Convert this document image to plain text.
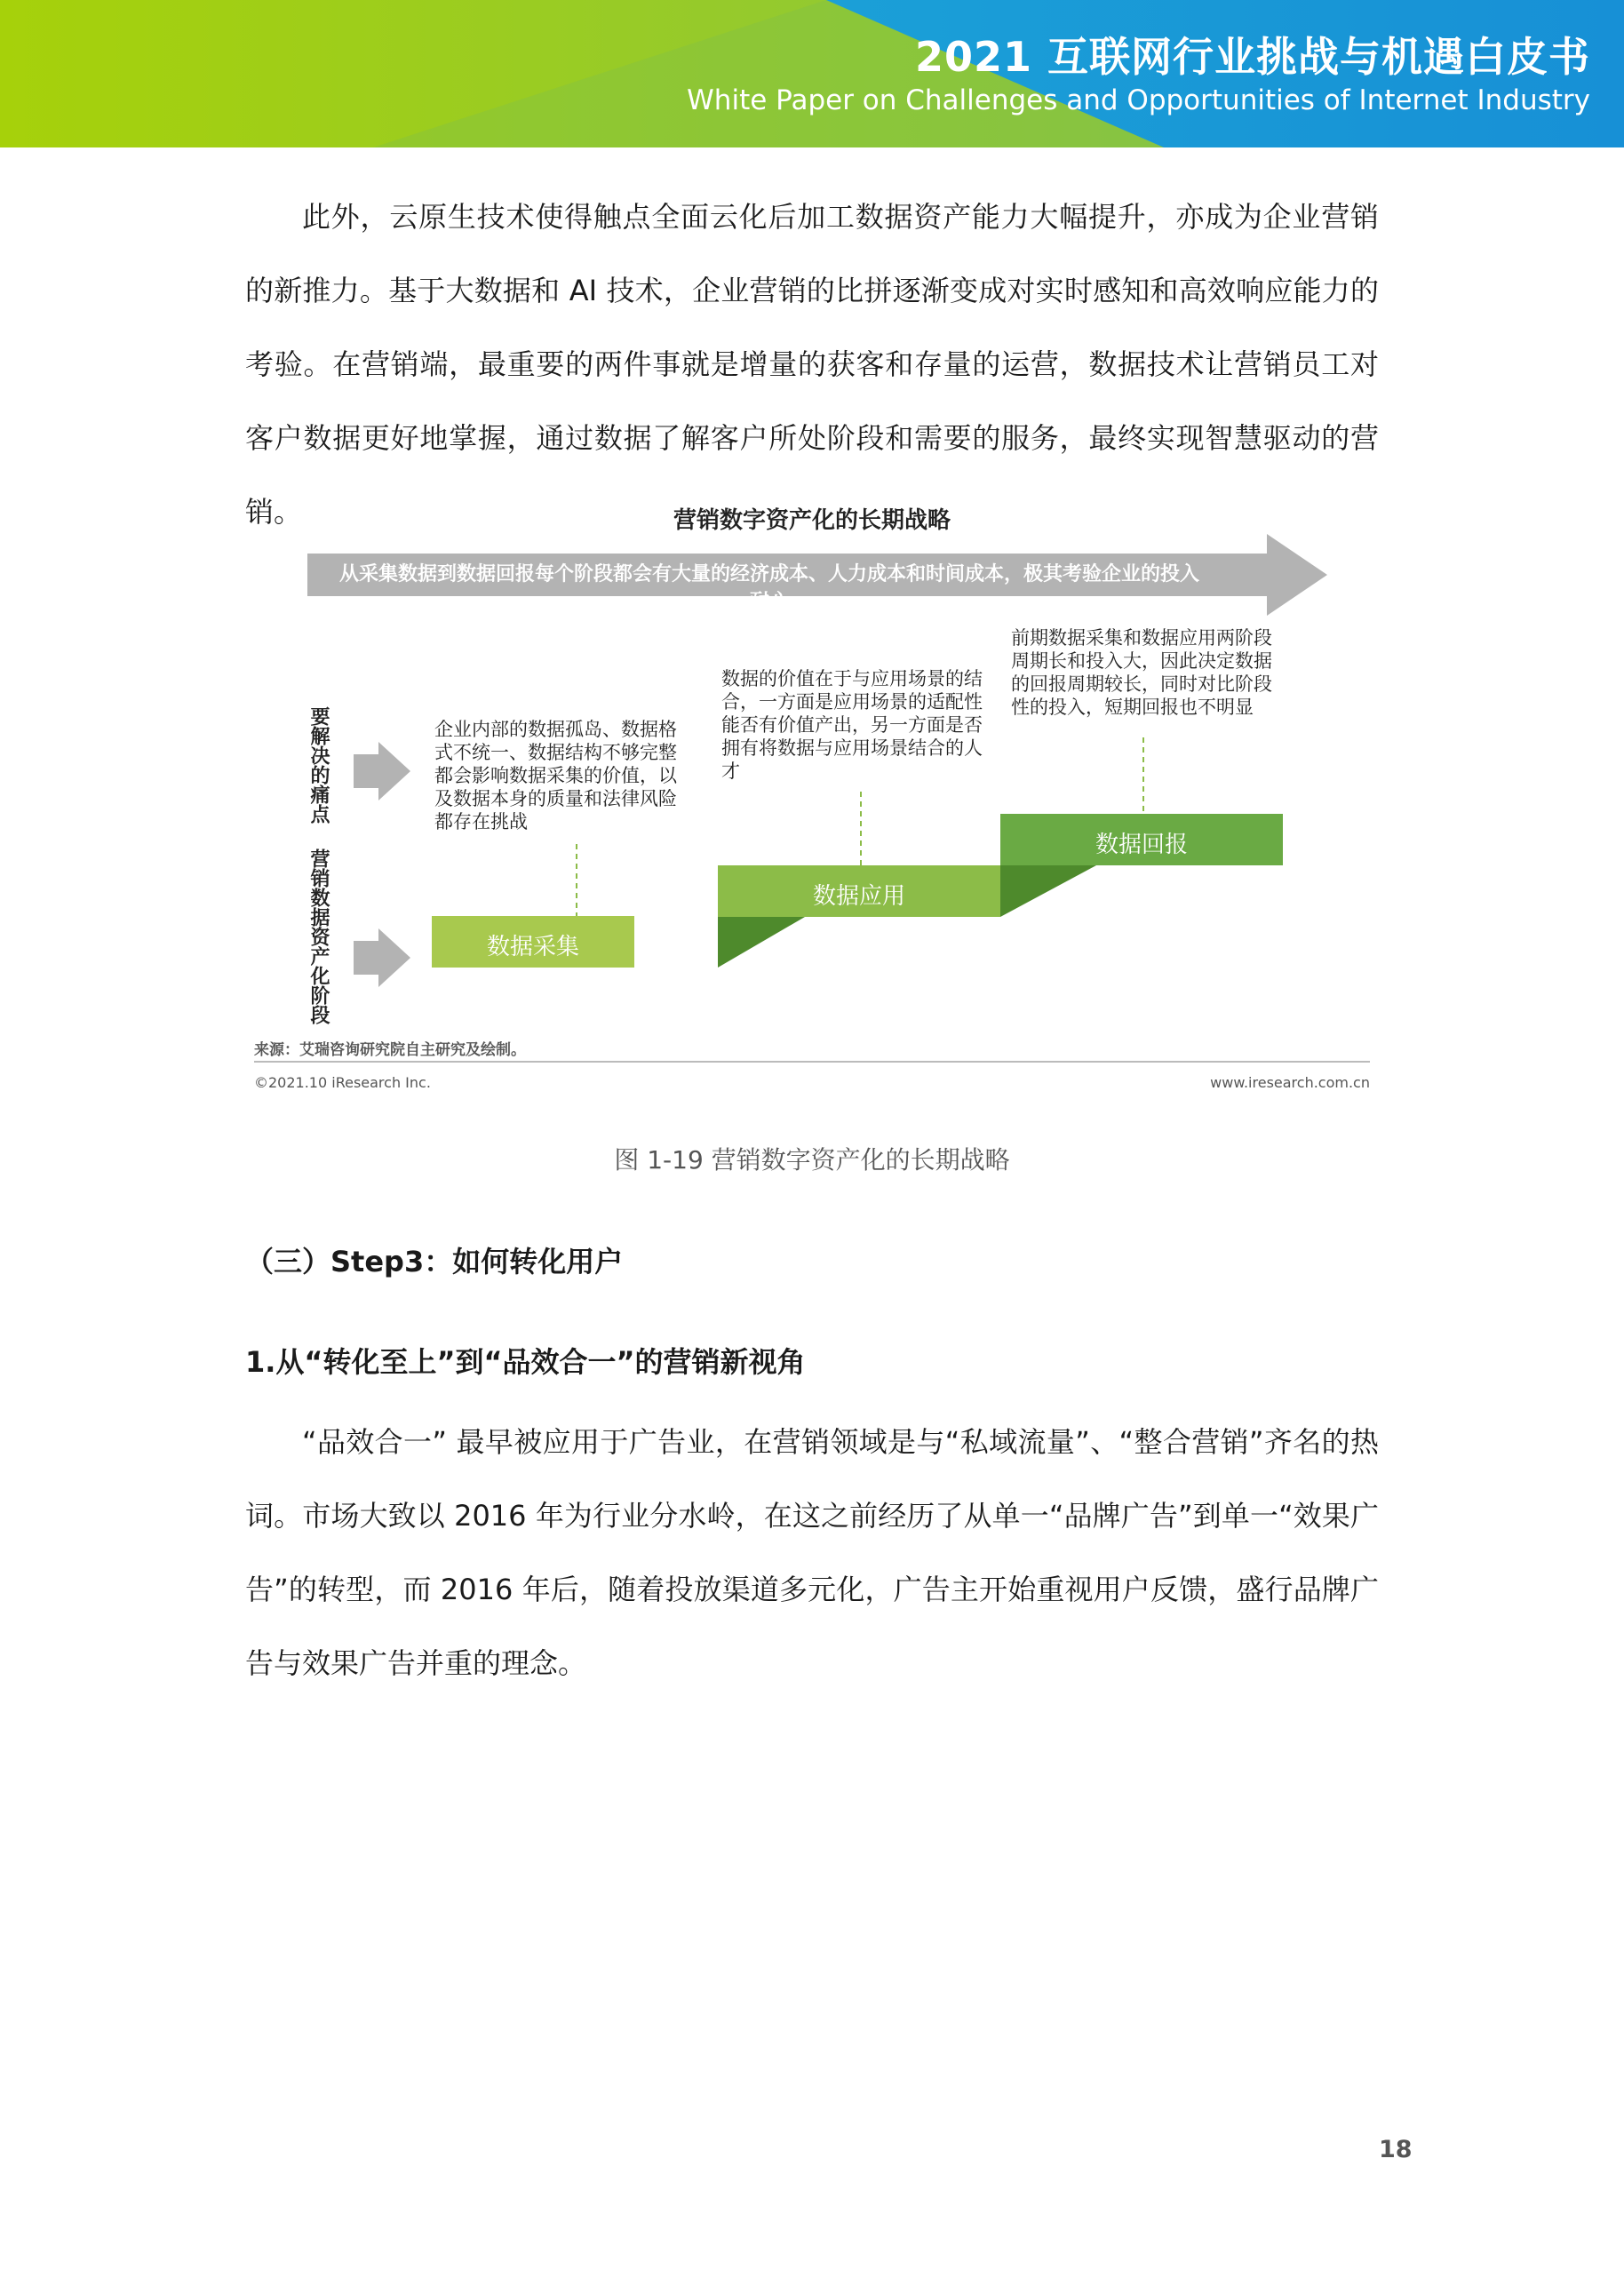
2021 互联网行业挑战与机遇白皮书
White Paper on Challenges and Opportunities of Internet Industry

此外，云原生技术使得触点全面云化后加工数据资产能力大幅提升，亦成为企业营销的新推力。基于大数据和 AI 技术，企业营销的比拼逐渐变成对实时感知和高效响应能力的考验。在营销端，最重要的两件事就是增量的获客和存量的运营，数据技术让营销员工对客户数据更好地掌握，通过数据了解客户所处阶段和需要的服务，最终实现智慧驱动的营销。	营销数字资产化的长期战略
从采集数据到数据回报每个阶段都会有大量的经济成本、人力成本和时间成本，极其考验企业的投入耐心
要解决的痛点
营销数据资产化阶段
企业内部的数据孤岛、数据格式不统一、数据结构不够完整都会影响数据采集的价值，以及数据本身的质量和法律风险都存在挑战
数据的价值在于与应用场景的结合，一方面是应用场景的适配性能否有价值产出，另一方面是否拥有将数据与应用场景结合的人才
前期数据采集和数据应用两阶段周期长和投入大，因此决定数据的回报周期较长，同时对比阶段性的投入，短期回报也不明显
数据采集
数据应用
数据回报
来源：艾瑞咨询研究院自主研究及绘制。
©2021.10 iResearch Inc.	www.iresearch.com.cn
图 1-19 营销数字资产化的长期战略
（三）Step3：如何转化用户
1.从“转化至上”到“品效合一”的营销新视角

“品效合一” 最早被应用于广告业，在营销领域是与“私域流量”、“整合营销”齐名的热词。市场大致以 2016 年为行业分水岭，在这之前经历了从单一“品牌广告”到单一“效果广告”的转型，而 2016 年后，随着投放渠道多元化，广告主开始重视用户反馈，盛行品牌广告与效果广告并重的理念。

18
